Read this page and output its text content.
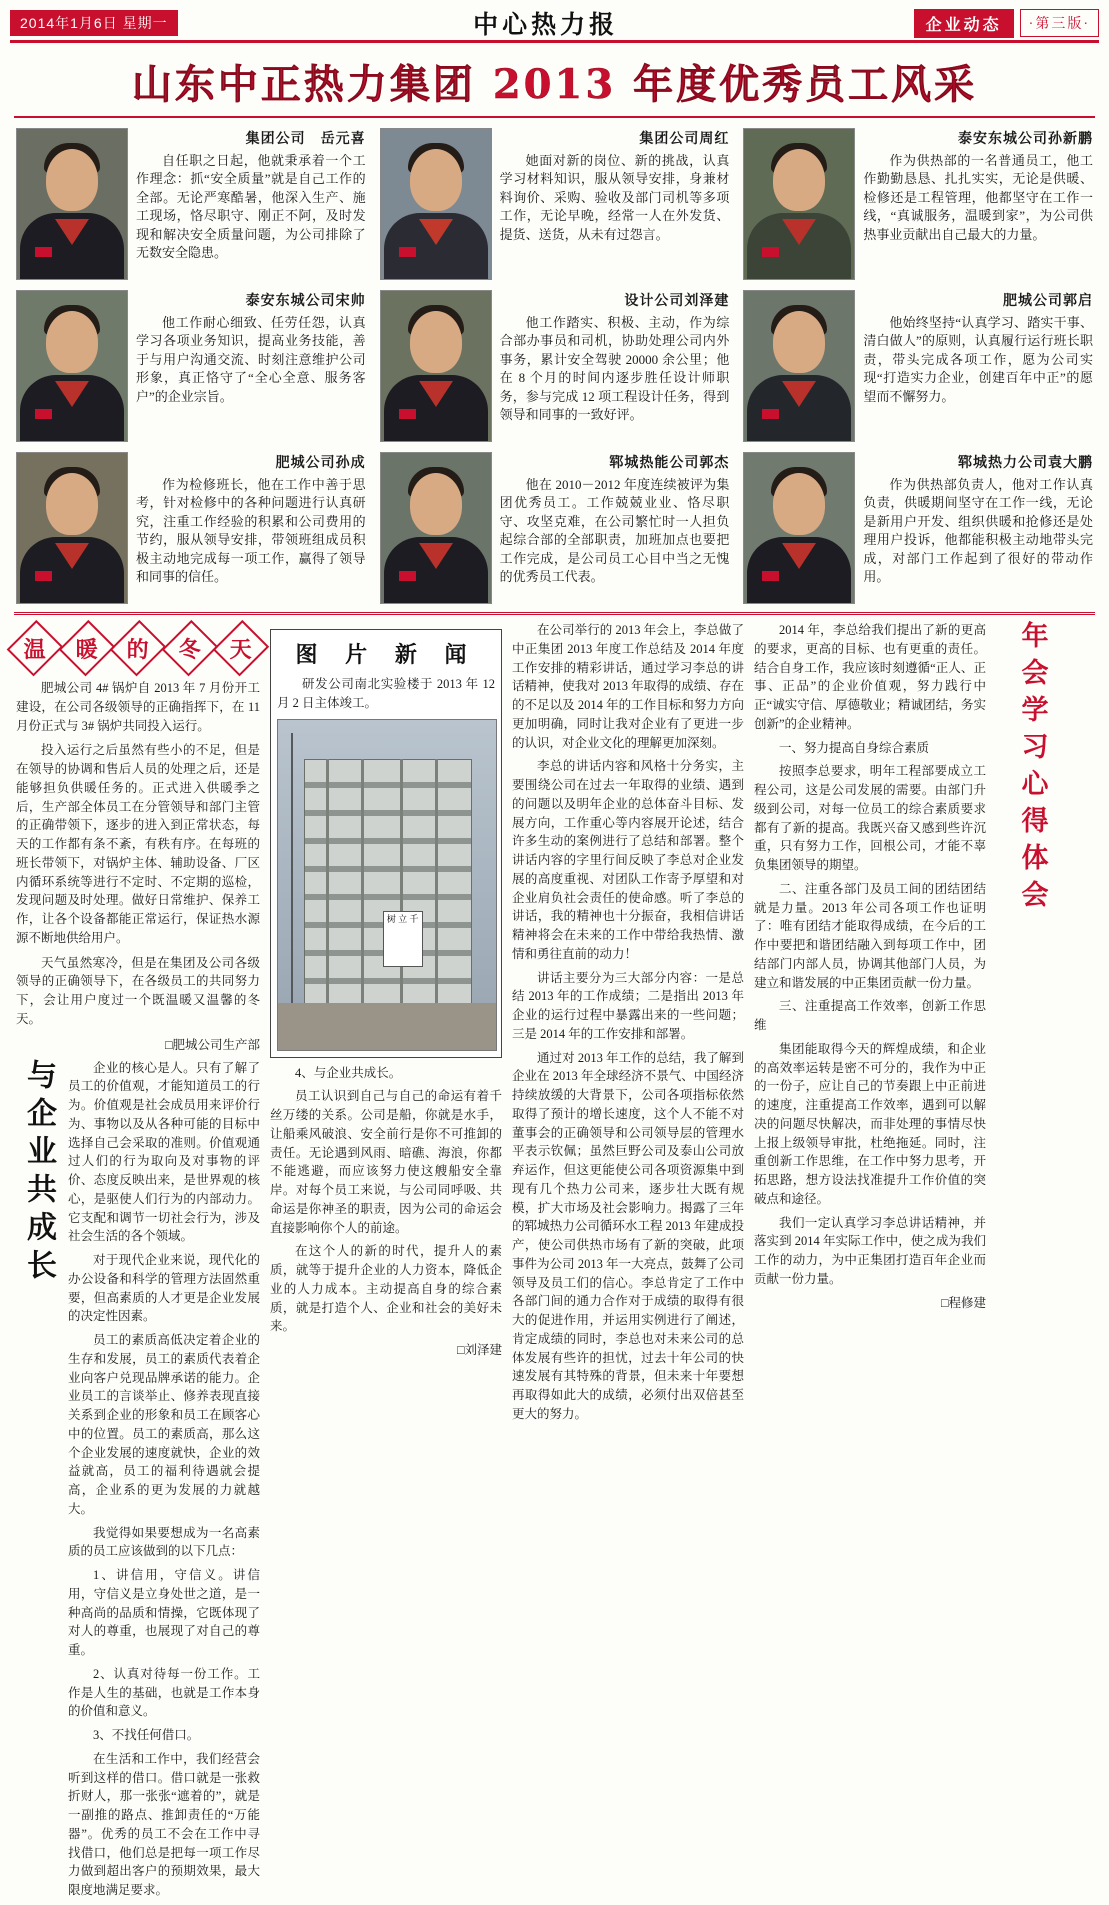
2014年1月6日 星期一	中心热力报	企业动态	·第三版·
山东中正热力集团 2013 年度优秀员工风采
集团公司　岳元喜

自任职之日起，他就秉承着一个工作理念：抓“安全质量”就是自己工作的全部。无论严寒酷暑，他深入生产、施工现场，恪尽职守、刚正不阿，及时发现和解决安全质量问题，为公司排除了无数安全隐患。

集团公司周红

她面对新的岗位、新的挑战，认真学习材料知识，服从领导安排，身兼材料询价、采购、验收及部门司机等多项工作，无论早晚，经常一人在外发货、提货、送货，从未有过怨言。

泰安东城公司孙新鹏

作为供热部的一名普通员工，他工作勤勤恳恳、扎扎实实，无论是供暖、检修还是工程管理，他都坚守在工作一线，“真诚服务，温暖到家”，为公司供热事业贡献出自己最大的力量。

泰安东城公司宋帅

他工作耐心细致、任劳任怨，认真学习各项业务知识，提高业务技能，善于与用户沟通交流、时刻注意维护公司形象，真正恪守了“全心全意、服务客户”的企业宗旨。

设计公司刘泽建

他工作踏实、积极、主动，作为综合部办事员和司机，协助处理公司内外事务，累计安全驾驶 20000 余公里；他在 8 个月的时间内逐步胜任设计师职务，参与完成 12 项工程设计任务，得到领导和同事的一致好评。

肥城公司郭启

他始终坚持“认真学习、踏实干事、清白做人”的原则，认真履行运行班长职责，带头完成各项工作，愿为公司实现“打造实力企业，创建百年中正”的愿望而不懈努力。

肥城公司孙成

作为检修班长，他在工作中善于思考，针对检修中的各种问题进行认真研究，注重工作经验的积累和公司费用的节约，服从领导安排，带领班组成员积极主动地完成每一项工作，赢得了领导和同事的信任。

郓城热能公司郭杰

他在 2010－2012 年度连续被评为集团优秀员工。工作兢兢业业、恪尽职守、攻坚克难，在公司繁忙时一人担负起综合部的全部职责，加班加点也要把工作完成，是公司员工心目中当之无愧的优秀员工代表。

郓城热力公司袁大鹏

作为供热部负责人，他对工作认真负责，供暖期间坚守在工作一线，无论是新用户开发、组织供暖和抢修还是处理用户投诉，他都能积极主动地带头完成，对部门工作起到了很好的带动作用。

温 暖 的 冬 天

肥城公司 4# 锅炉自 2013 年 7 月份开工建设，在公司各级领导的正确指挥下，在 11 月份正式与 3# 锅炉共同投入运行。

投入运行之后虽然有些小的不足，但是在领导的协调和售后人员的处理之后，还是能够担负供暖任务的。正式进入供暖季之后，生产部全体员工在分管领导和部门主管的正确带领下，逐步的进入到正常状态，每天的工作都有条不紊，有秩有序。在每班的班长带领下，对锅炉主体、辅助设备、厂区内循环系统等进行不定时、不定期的巡检，发现问题及时处理。做好日常维护、保养工作，让各个设备都能正常运行，保证热水源源不断地供给用户。

天气虽然寒冷，但是在集团及公司各级领导的正确领导下，在各级员工的共同努力下，会让用户度过一个既温暖又温馨的冬天。

□肥城公司生产部
与企业共成长	企业的核心是人。只有了解了员工的价值观，才能知道员工的行为。价值观是社会成员用来评价行为、事物以及从各种可能的目标中选择自己会采取的准则。价值观通过人们的行为取向及对事物的评价、态度反映出来，是世界观的核心，是驱使人们行为的内部动力。它支配和调节一切社会行为，涉及社会生活的各个领域。

对于现代企业来说，现代化的办公设备和科学的管理方法固然重要，但高素质的人才更是企业发展的决定性因素。

员工的素质高低决定着企业的生存和发展，员工的素质代表着企业向客户兑现品牌承诺的能力。企业员工的言谈举止、修养表现直接关系到企业的形象和员工在顾客心中的位置。员工的素质高，那么这个企业发展的速度就快，企业的效益就高，员工的福利待遇就会提高，企业系的更为发展的力就越大。

我觉得如果要想成为一名高素质的员工应该做到的以下几点：

1、讲信用，守信义。讲信用，守信义是立身处世之道，是一种高尚的品质和情操，它既体现了对人的尊重，也展现了对自己的尊重。

2、认真对待每一份工作。工作是人生的基础，也就是工作本身的价值和意义。

3、不找任何借口。

在生活和工作中，我们经营会听到这样的借口。借口就是一张救折财人，那一张张“遮着的”，就是一副推的路点、推卸责任的“万能器”。优秀的员工不会在工作中寻找借口，他们总是把每一项工作尽力做到超出客户的预期效果，最大限度地满足要求。

图 片 新 闻

研发公司南北实验楼于 2013 年 12 月 2 日主体竣工。

树 立 千

4、与企业共成长。

员工认识到自己与自己的命运有着千丝万缕的关系。公司是船，你就是水手，让船乘风破浪、安全前行是你不可推卸的责任。无论遇到风雨、暗礁、海浪，你都不能逃避，而应该努力使这艘船安全靠岸。对每个员工来说，与公司同呼吸、共命运是你神圣的职责，因为公司的命运会直接影响你个人的前途。

在这个人的新的时代，提升人的素质，就等于提升企业的人力资本，降低企业的人力成本。主动提高自身的综合素质，就是打造个人、企业和社会的美好未来。

□刘泽建

在公司举行的 2013 年会上，李总做了中正集团 2013 年度工作总结及 2014 年度工作安排的精彩讲话，通过学习李总的讲话精神，使我对 2013 年取得的成绩、存在的不足以及 2014 年的工作目标和努力方向更加明确，同时让我对企业有了更进一步的认识，对企业文化的理解更加深刻。

李总的讲话内容和风格十分务实，主要围绕公司在过去一年取得的业绩、遇到的问题以及明年企业的总体奋斗目标、发展方向，工作重心等内容展开论述，结合许多生动的案例进行了总结和部署。整个讲话内容的字里行间反映了李总对企业发展的高度重视、对团队工作寄予厚望和对企业肩负社会责任的使命感。听了李总的讲话，我的精神也十分振奋，我相信讲话精神将会在未来的工作中带给我热情、激情和勇往直前的动力！

讲话主要分为三大部分内容：一是总结 2013 年的工作成绩；二是指出 2013 年企业的运行过程中暴露出来的一些问题；三是 2014 年的工作安排和部署。

通过对 2013 年工作的总结，我了解到企业在 2013 年全球经济不景气、中国经济持续放缓的大背景下，公司各项指标依然取得了预计的增长速度，这个人不能不对董事会的正确领导和公司领导层的管理水平表示钦佩；虽然巨野公司及泰山公司放弃运作，但这更能使公司各项资源集中到现有几个热力公司来，逐步壮大既有规模，扩大市场及社会影响力。揭露了三年的郓城热力公司循环水工程 2013 年建成投产，使公司供热市场有了新的突破，此项事件为公司 2013 年一大亮点，鼓舞了公司领导及员工们的信心。李总肯定了工作中各部门间的通力合作对于成绩的取得有很大的促进作用，并运用实例进行了阐述，肯定成绩的同时，李总也对未来公司的总体发展有些许的担忧，过去十年公司的快速发展有其特殊的背景，但未来十年要想再取得如此大的成绩，必须付出双倍甚至更大的努力。

2014 年，李总给我们提出了新的更高的要求，更高的目标、也有更重的责任。结合自身工作，我应该时刻遵循“正人、正事、正品”的企业价值观，努力践行中正“诚实守信、厚德敬业；精诚团结，务实创新”的企业精神。

一、努力提高自身综合素质

按照李总要求，明年工程部要成立工程公司，这是公司发展的需要。由部门升级到公司，对每一位员工的综合素质要求都有了新的提高。我既兴奋又感到些许沉重，只有努力工作，回根公司，才能不辜负集团领导的期望。

二、注重各部门及员工间的团结团结就是力量。2013 年公司各项工作也证明了：唯有团结才能取得成绩，在今后的工作中要把和谐团结融入到每项工作中，团结部门内部人员，协调其他部门人员，为建立和谐发展的中正集团贡献一份力量。

三、注重提高工作效率，创新工作思维

集团能取得今天的辉煌成绩，和企业的高效率运转是密不可分的，我作为中正的一份子，应让自己的节奏跟上中正前进的速度，注重提高工作效率，遇到可以解决的问题尽快解决，而非处理的事情尽快上报上级领导审批，杜绝拖延。同时，注重创新工作思维，在工作中努力思考，开拓思路，想方设法找准提升工作价值的突破点和途径。

我们一定认真学习李总讲话精神，并落实到 2014 年实际工作中，使之成为我们工作的动力，为中正集团打造百年企业而贡献一份力量。

□程修建
年会学习心得体会
